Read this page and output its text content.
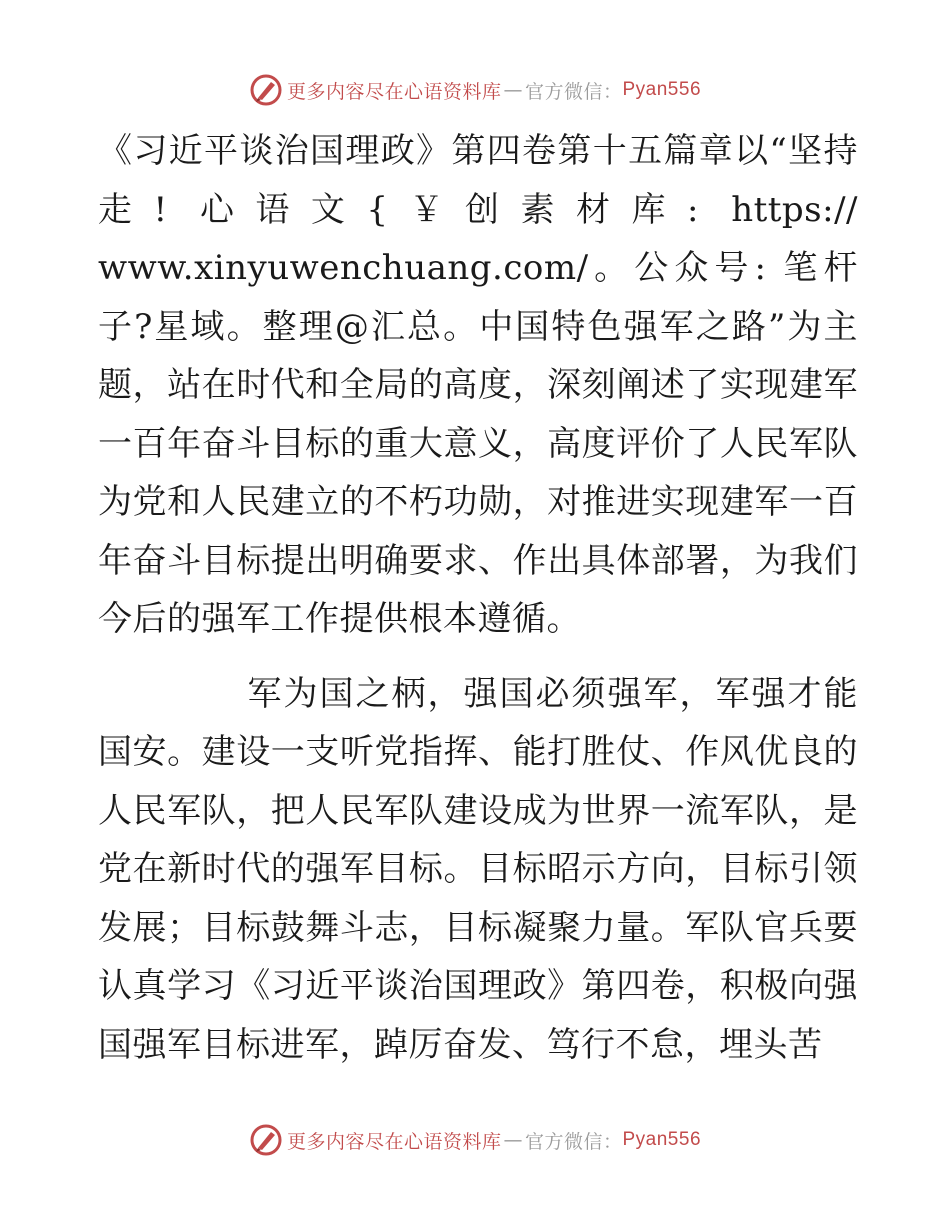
更多内容尽在心语资料库 — 官方微信： Pyan556

《习近平谈治国理政》第四卷第十五篇章以“坚持走! 心语文{￥创素材库: https:// www.xinyuwenchuang.com/。公众号: 笔杆子?星域。整理@汇总。中国特色强军之路”为主题，站在时代和全局的高度，深刻阐述了实现建军一百年奋斗目标的重大意义，高度评价了人民军队为党和人民建立的不朽功勋，对推进实现建军一百年奋斗目标提出明确要求、作出具体部署，为我们今后的强军工作提供根本遵循。

军为国之柄，强国必须强军，军强才能国安。建设一支听党指挥、能打胜仗、作风优良的人民军队，把人民军队建设成为世界一流军队，是党在新时代的强军目标。目标昭示方向，目标引领发展；目标鼓舞斗志，目标凝聚力量。军队官兵要认真学习《习近平谈治国理政》第四卷，积极向强国强军目标进军，踔厉奋发、笃行不怠，埋头苦

更多内容尽在心语资料库 — 官方微信： Pyan556
